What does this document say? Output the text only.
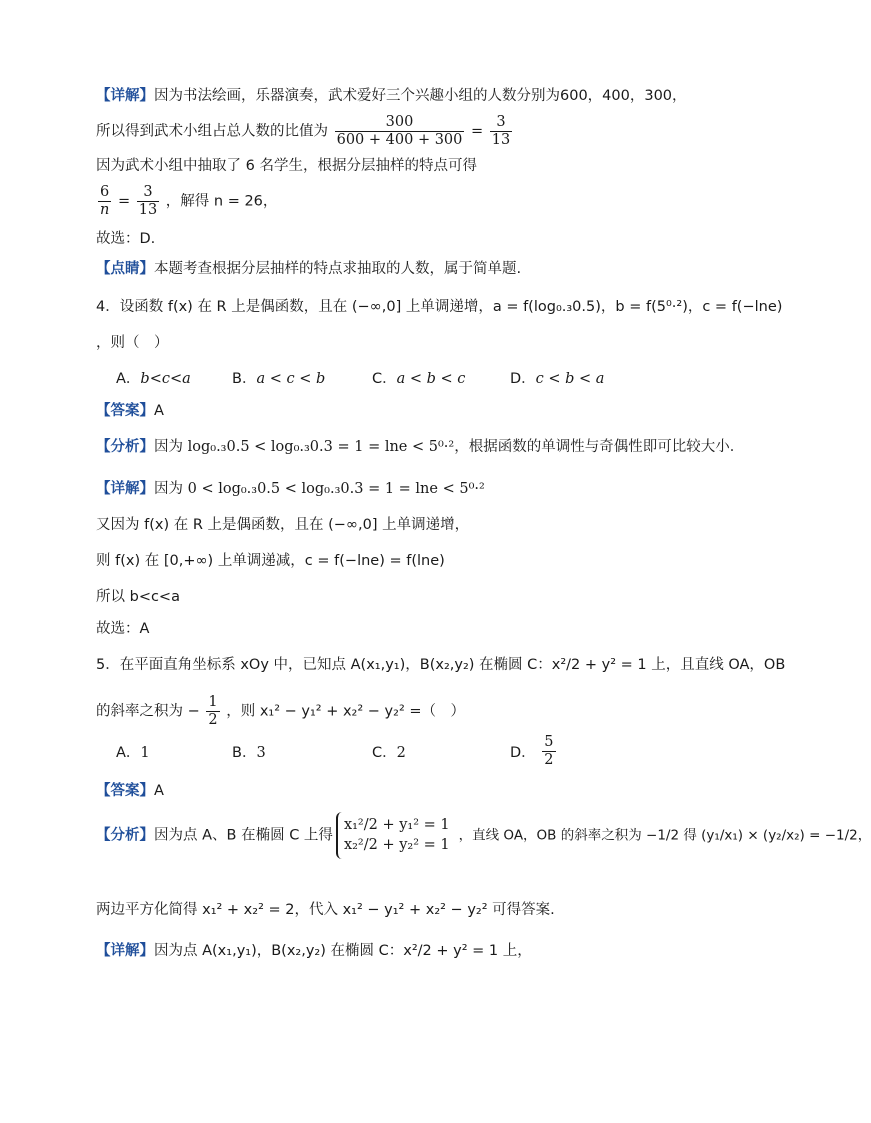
【详解】因为书法绘画，乐器演奏，武术爱好三个兴趣小组的人数分别为600，400，300，
所以得到武术小组占总人数的比值为 $\frac{300}{600 + 400 + 300} = \frac{3}{13}$
因为武术小组中抽取了 6 名学生，根据分层抽样的特点可得
$\frac{6}{n} = \frac{3}{13}$ ，解得 n = 26，
故选：D.
【点睛】本题考查根据分层抽样的特点求抽取的人数，属于简单题.
4．设函数 f(x) 在 R 上是偶函数，且在 (−∞,0] 上单调递增，a = f(log₀.₃0.5)，b = f(5⁰·²)，c = f(−lne)
，则（　）
A．b<c<a	B．a < c < b	C．a < b < c	D．c < b < a
【答案】A
【分析】因为 log₀.₃0.5 < log₀.₃0.3 = 1 = lne < 5⁰·²，根据函数的单调性与奇偶性即可比较大小．
【详解】因为 0 < log₀.₃0.5 < log₀.₃0.3 = 1 = lne < 5⁰·²
又因为 f(x) 在 R 上是偶函数，且在 (−∞,0] 上单调递增，
则 f(x) 在 [0,+∞) 上单调递减，c = f(−lne) = f(lne)
所以 b<c<a
故选：A
5．在平面直角坐标系 xOy 中，已知点 A(x₁,y₁)，B(x₂,y₂) 在椭圆 C：x²/2 + y² = 1 上，且直线 OA，OB
的斜率之积为 − $\frac{1}{2}$ ，则 x₁² − y₁² + x₂² − y₂² =（　）
A．1	B．3	C．2	D． $\frac{5}{2}$
【答案】A
【分析】因为点 A、B 在椭圆 C 上得
x₁²/2 + y₁² = 1
x₂²/2 + y₂² = 1
，直线 OA，OB 的斜率之积为 −1/2 得 (y₁/x₁) × (y₂/x₂) = −1/2，
两边平方化简得 x₁² + x₂² = 2，代入 x₁² − y₁² + x₂² − y₂² 可得答案.
【详解】因为点 A(x₁,y₁)，B(x₂,y₂) 在椭圆 C：x²/2 + y² = 1 上，
